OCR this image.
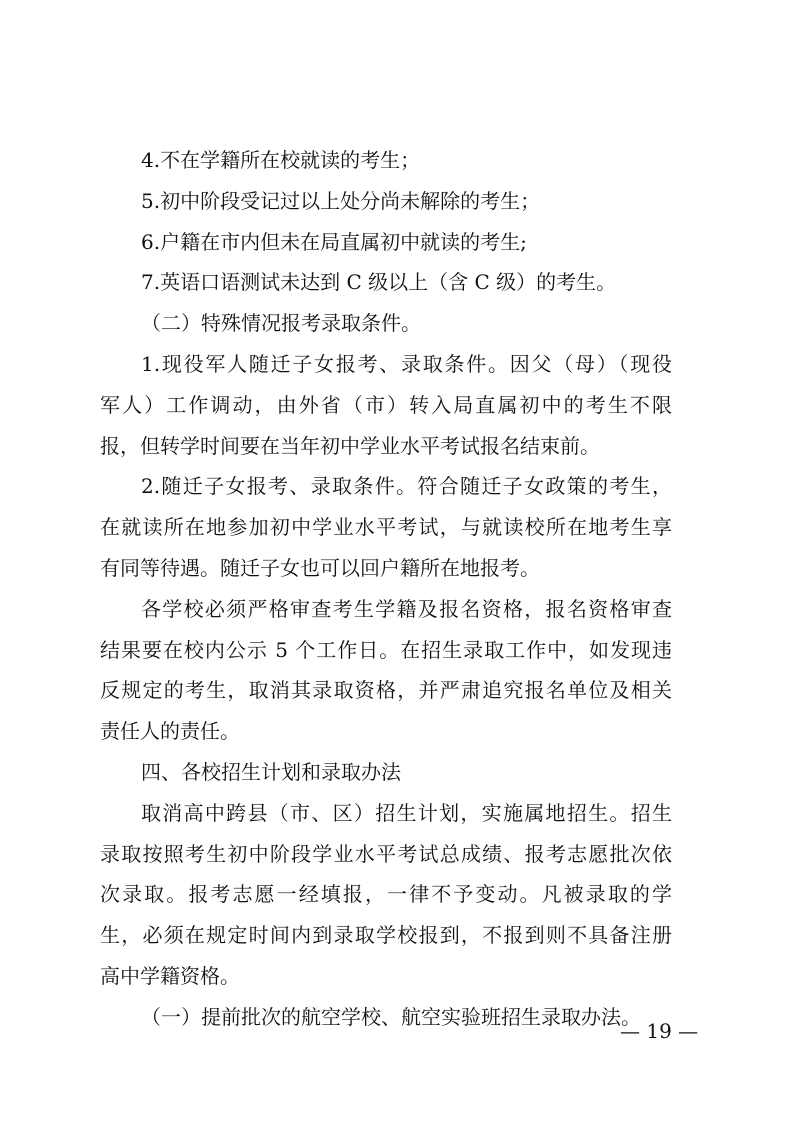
4.不在学籍所在校就读的考生；
5.初中阶段受记过以上处分尚未解除的考生；
6.户籍在市内但未在局直属初中就读的考生;
7.英语口语测试未达到 C 级以上（含 C 级）的考生。
（二）特殊情况报考录取条件。
1.现役军人随迁子女报考、录取条件。因父（母）（现役
军人）工作调动，由外省（市）转入局直属初中的考生不限
报，但转学时间要在当年初中学业水平考试报名结束前。
2.随迁子女报考、录取条件。符合随迁子女政策的考生，
在就读所在地参加初中学业水平考试，与就读校所在地考生享
有同等待遇。随迁子女也可以回户籍所在地报考。
各学校必须严格审查考生学籍及报名资格，报名资格审查
结果要在校内公示 5 个工作日。在招生录取工作中，如发现违
反规定的考生，取消其录取资格，并严肃追究报名单位及相关
责任人的责任。
四、各校招生计划和录取办法
取消高中跨县（市、区）招生计划，实施属地招生。招生
录取按照考生初中阶段学业水平考试总成绩、报考志愿批次依
次录取。报考志愿一经填报，一律不予变动。凡被录取的学
生，必须在规定时间内到录取学校报到，不报到则不具备注册
高中学籍资格。
（一）提前批次的航空学校、航空实验班招生录取办法。
— 19 —
